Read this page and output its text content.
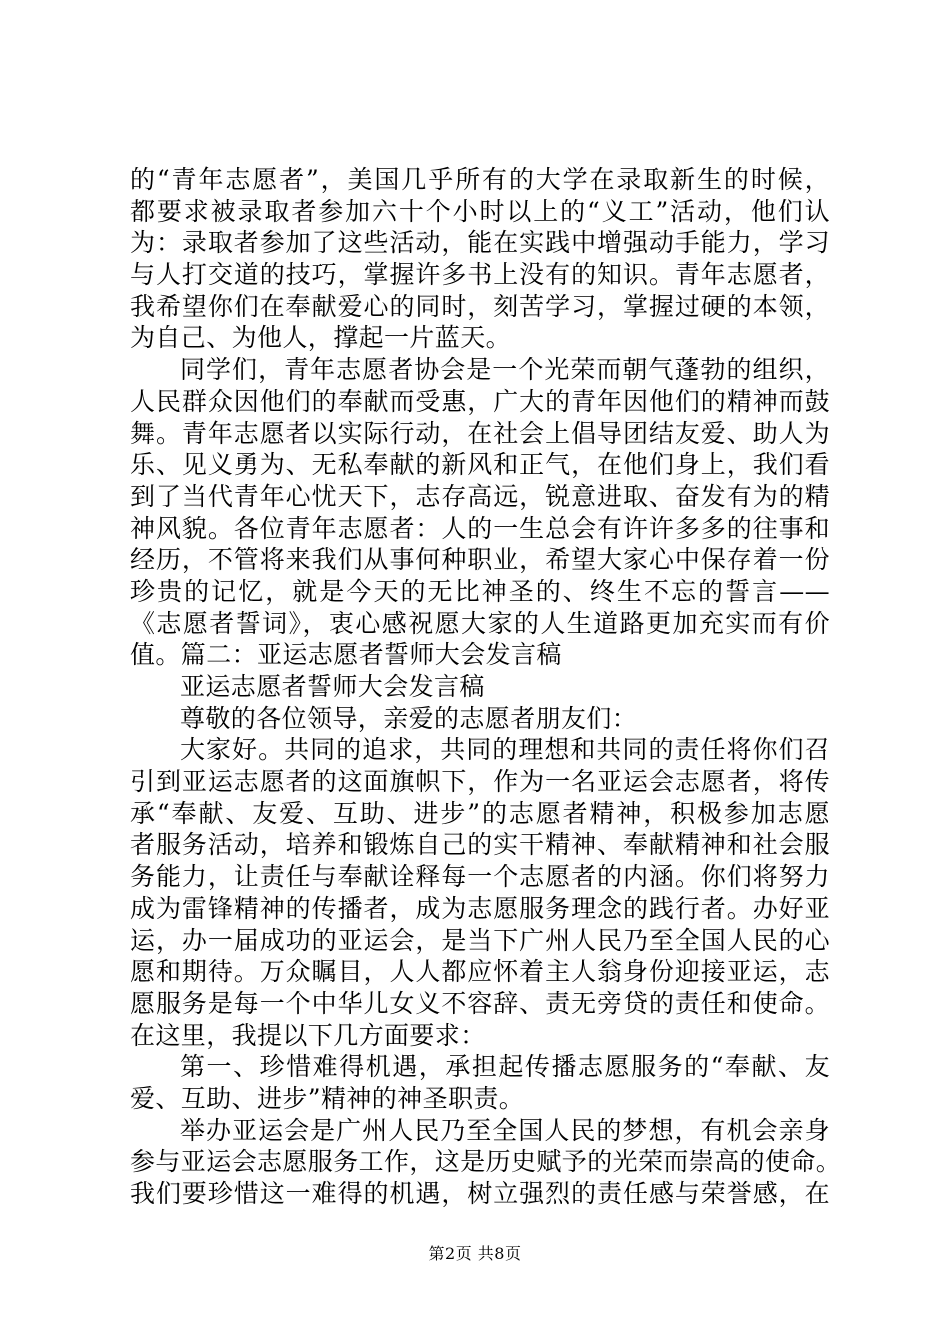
的“青年志愿者”，美国几乎所有的大学在录取新生的时候，
都要求被录取者参加六十个小时以上的“义工”活动，他们认
为：录取者参加了这些活动，能在实践中增强动手能力，学习
与人打交道的技巧，掌握许多书上没有的知识。青年志愿者，
我希望你们在奉献爱心的同时，刻苦学习，掌握过硬的本领，
为自己、为他人，撑起一片蓝天。
同学们，青年志愿者协会是一个光荣而朝气蓬勃的组织，
人民群众因他们的奉献而受惠，广大的青年因他们的精神而鼓
舞。青年志愿者以实际行动，在社会上倡导团结友爱、助人为
乐、见义勇为、无私奉献的新风和正气，在他们身上，我们看
到了当代青年心忧天下，志存高远，锐意进取、奋发有为的精
神风貌。各位青年志愿者：人的一生总会有许许多多的往事和
经历，不管将来我们从事何种职业，希望大家心中保存着一份
珍贵的记忆，就是今天的无比神圣的、终生不忘的誓言——
《志愿者誓词》，衷心感祝愿大家的人生道路更加充实而有价
值。篇二：亚运志愿者誓师大会发言稿
亚运志愿者誓师大会发言稿
尊敬的各位领导，亲爱的志愿者朋友们：
大家好。共同的追求，共同的理想和共同的责任将你们召
引到亚运志愿者的这面旗帜下，作为一名亚运会志愿者，将传
承“奉献、友爱、互助、进步”的志愿者精神，积极参加志愿
者服务活动，培养和锻炼自己的实干精神、奉献精神和社会服
务能力，让责任与奉献诠释每一个志愿者的内涵。你们将努力
成为雷锋精神的传播者，成为志愿服务理念的践行者。办好亚
运，办一届成功的亚运会，是当下广州人民乃至全国人民的心
愿和期待。万众瞩目，人人都应怀着主人翁身份迎接亚运，志
愿服务是每一个中华儿女义不容辞、责无旁贷的责任和使命。
在这里，我提以下几方面要求：
第一、珍惜难得机遇，承担起传播志愿服务的“奉献、友
爱、互助、进步”精神的神圣职责。
举办亚运会是广州人民乃至全国人民的梦想，有机会亲身
参与亚运会志愿服务工作，这是历史赋予的光荣而崇高的使命。
我们要珍惜这一难得的机遇，树立强烈的责任感与荣誉感，在
第2页 共8页
